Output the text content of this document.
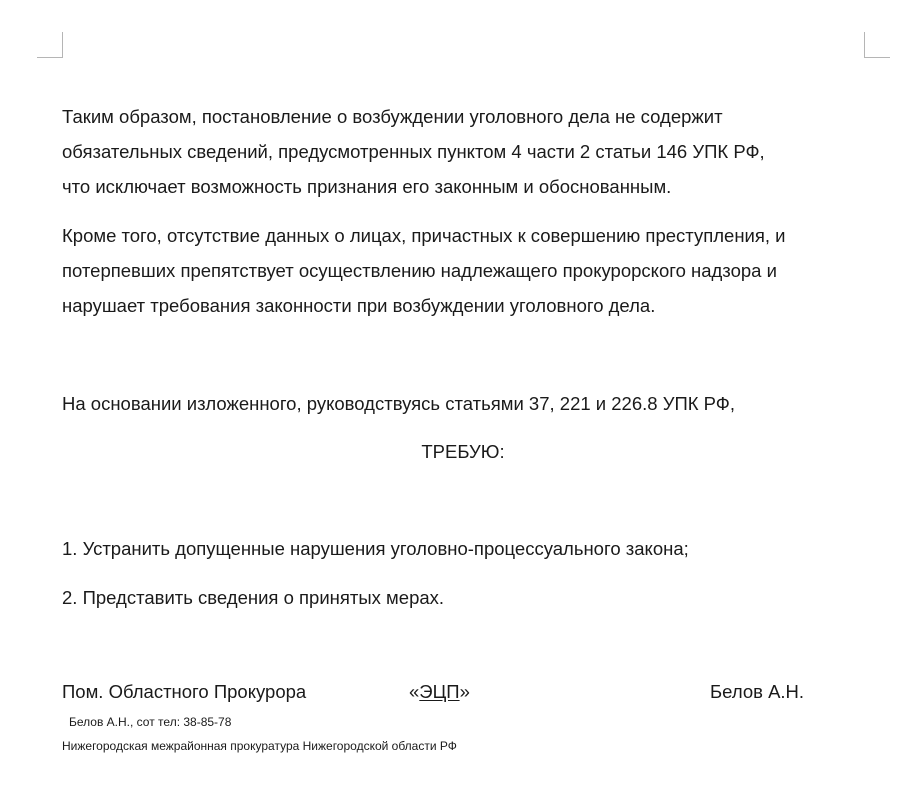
Таким образом, постановление о возбуждении уголовного дела не содержит

обязательных сведений, предусмотренных пунктом 4 части 2 статьи 146 УПК РФ,

что исключает возможность признания его законным и обоснованным.

Кроме того, отсутствие данных о лицах, причастных к совершению преступления, и

потерпевших препятствует осуществлению надлежащего прокурорского надзора и

нарушает требования законности при возбуждении уголовного дела.

На основании изложенного, руководствуясь статьями 37, 221 и 226.8 УПК РФ,

ТРЕБУЮ:

1. Устранить допущенные нарушения уголовно-процессуального закона;

2. Представить сведения о принятых мерах.

Пом. Областного Прокурора	«ЭЦП»	Белов А.Н.
Белов А.Н., сот тел: 38-85-78
Нижегородская межрайонная прокуратура Нижегородской области РФ
